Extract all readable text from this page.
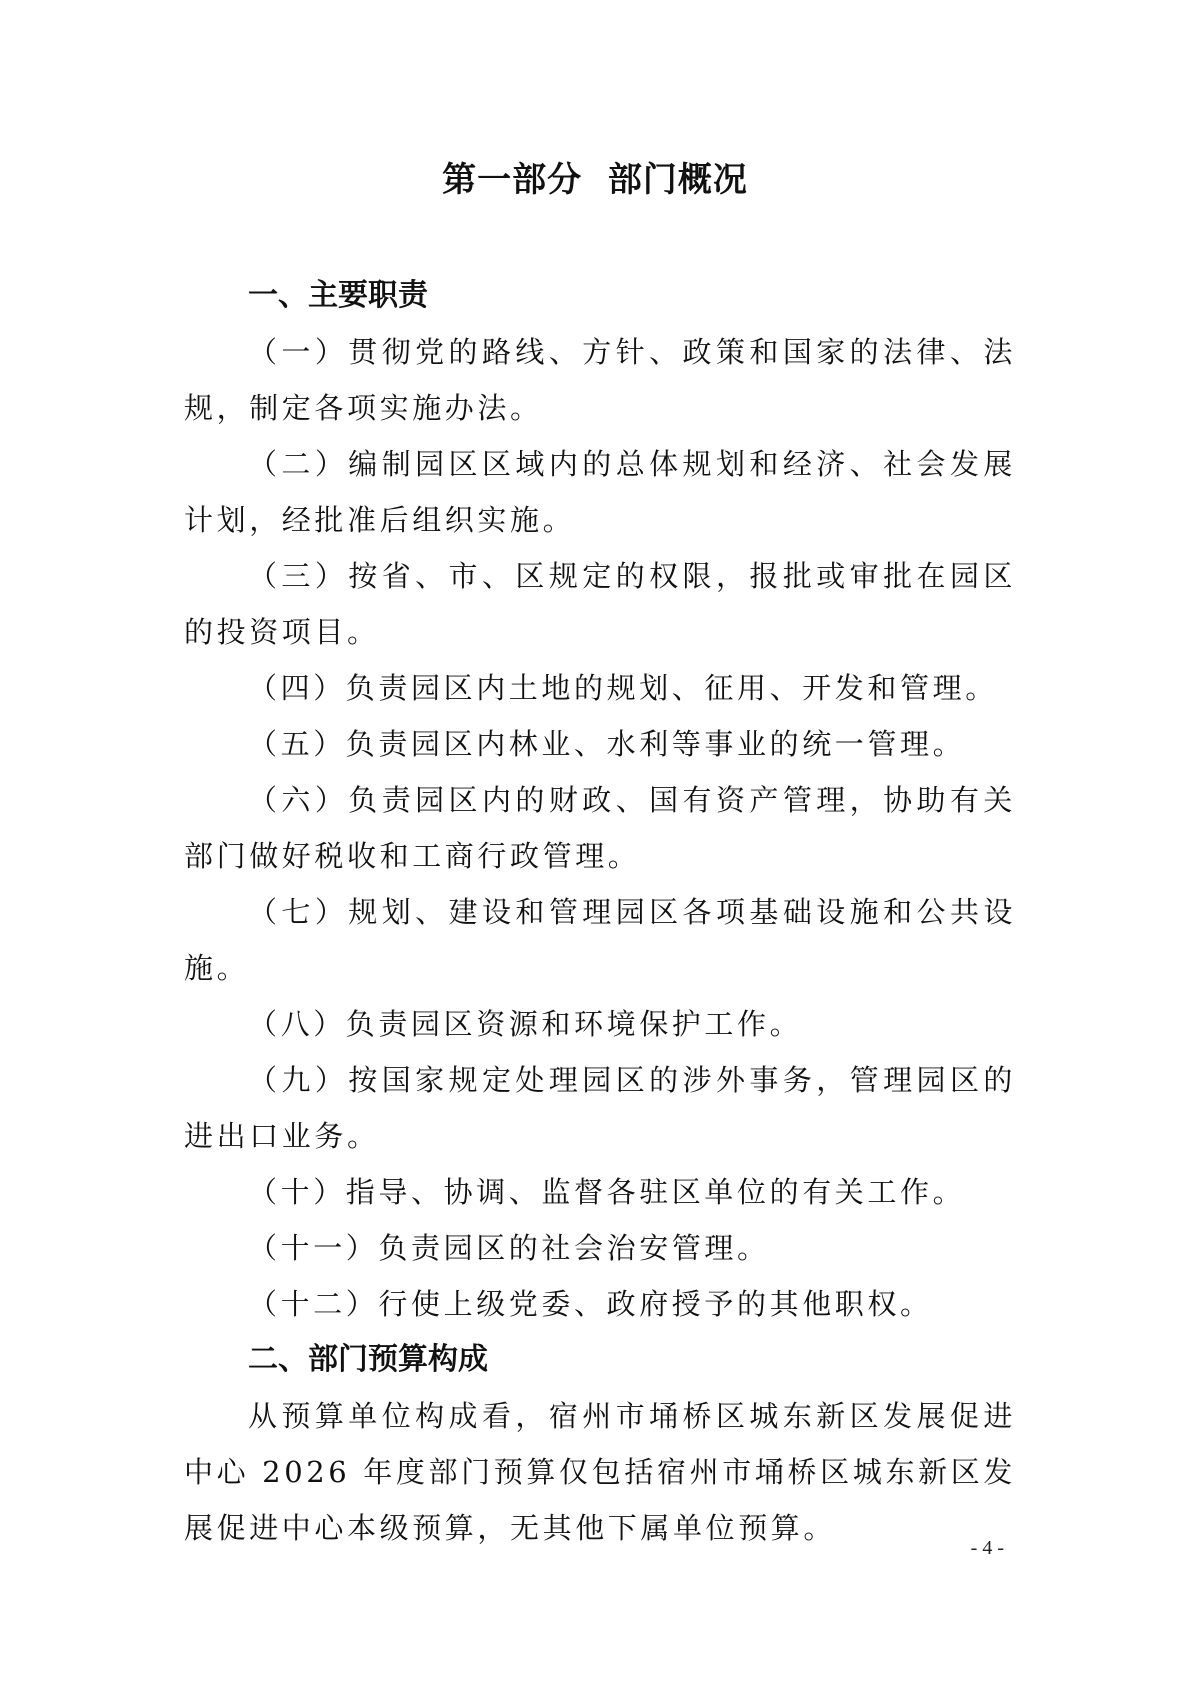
第一部分  部门概况
一、主要职责

（一）贯彻党的路线、方针、政策和国家的法律、法规，制定各项实施办法。

（二）编制园区区域内的总体规划和经济、社会发展计划，经批准后组织实施。

（三）按省、市、区规定的权限，报批或审批在园区的投资项目。

（四）负责园区内土地的规划、征用、开发和管理。

（五）负责园区内林业、水利等事业的统一管理。

（六）负责园区内的财政、国有资产管理，协助有关部门做好税收和工商行政管理。

（七）规划、建设和管理园区各项基础设施和公共设施。

（八）负责园区资源和环境保护工作。

（九）按国家规定处理园区的涉外事务，管理园区的进出口业务。

（十）指导、协调、监督各驻区单位的有关工作。

（十一）负责园区的社会治安管理。

（十二）行使上级党委、政府授予的其他职权。

二、部门预算构成

从预算单位构成看，宿州市埇桥区城东新区发展促进中心 2026 年度部门预算仅包括宿州市埇桥区城东新区发展促进中心本级预算，无其他下属单位预算。

- 4 -
